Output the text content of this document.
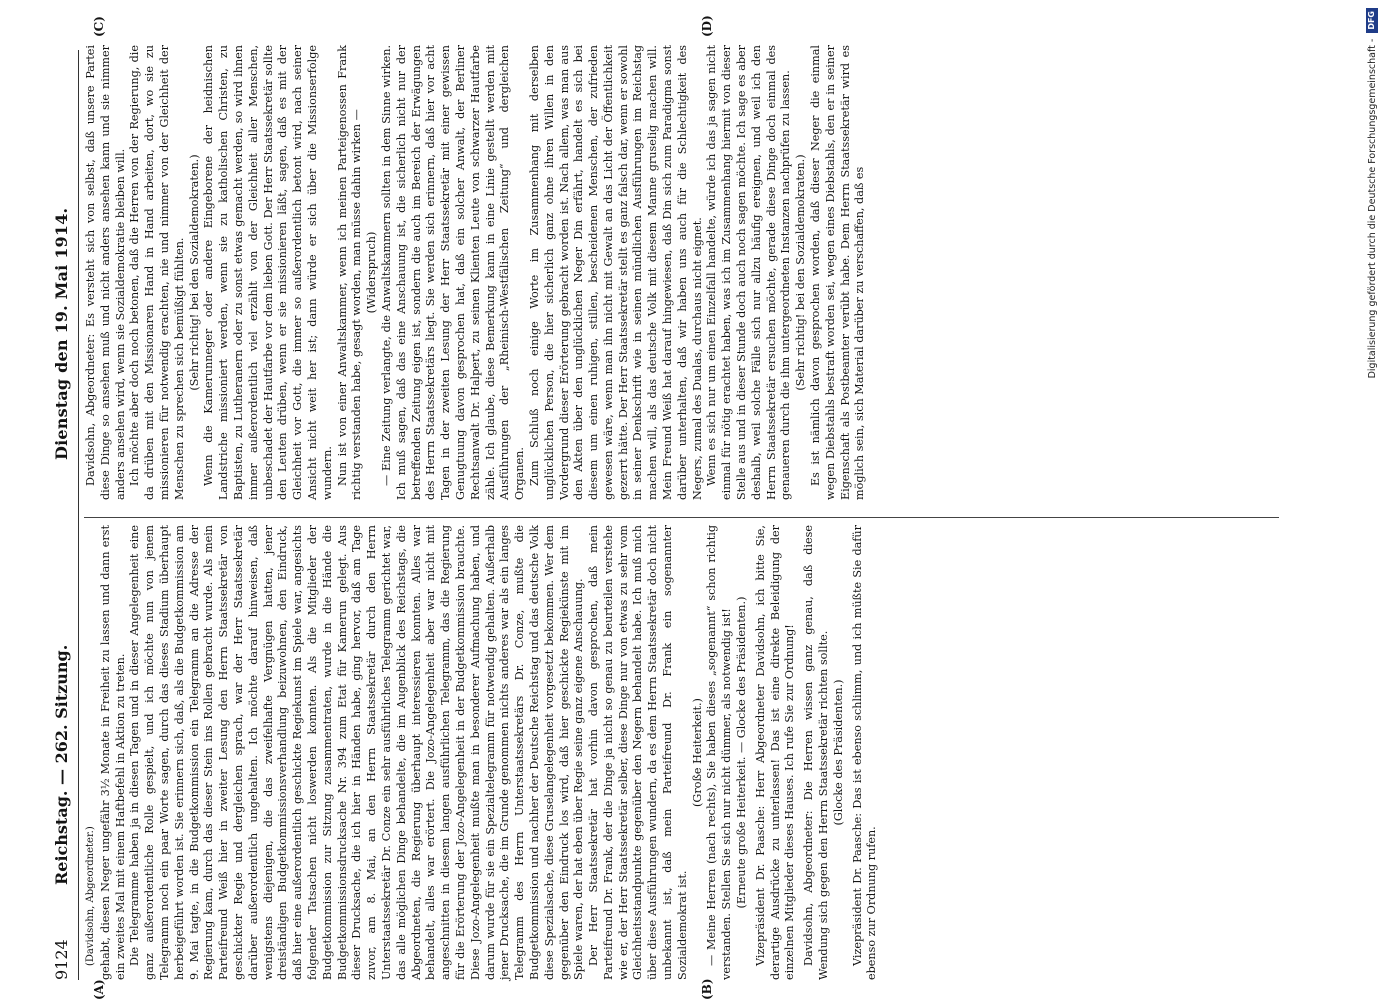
9124
Reichstag. — 262. Sitzung.
Dienstag den 19. Mai 1914.
(A)	(B)
(C)	(D)

(Davidsohn, Abgeordneter.) gehabt, diesen Neger ungefähr 3½ Monate in Freiheit zu lassen und dann erst ein zweites Mal mit einem Haftbefehl in Aktion zu treten. Die Telegramme haben ja in diesen Tagen und in dieser Angelegenheit eine ganz außerordentliche Rolle gespielt, und ich möchte nun von jenem Telegramm noch ein paar Worte sagen, durch das dieses Stadium überhaupt herbeigeführt worden ist. Sie erinnern sich, daß, als die Budgetkommission am 9. Mai tagte, in die Budgetkommission ein Telegramm an die Adresse der Regierung kam, durch das dieser Stein ins Rollen gebracht wurde. Als mein Parteifreund Weiß hier in zweiter Lesung den Herrn Staatssekretär von geschickter Regie und dergleichen sprach, war der Herr Staatssekretär darüber außerordentlich ungehalten. Ich möchte darauf hinweisen, daß wenigstens diejenigen, die das zweifelhafte Vergnügen hatten, jener dreiständigen Budgetkommissionsverhandlung beizuwohnen, den Eindruck, daß hier eine außerordentlich geschickte Regiekunst im Spiele war, angesichts folgender Tatsachen nicht loswerden konnten. Als die Mitglieder der Budgetkommission zur Sitzung zusammentraten, wurde in die Hände die Budgetkommissionsdrucksache Nr. 394 zum Etat für Kamerun gelegt. Aus dieser Drucksache, die ich hier in Händen habe, ging hervor, daß am Tage zuvor, am 8. Mai, an den Herrn Staatssekretär durch den Herrn Unterstaatssekretär Dr. Conze ein sehr ausführliches Telegramm gerichtet war, das alle möglichen Dinge behandelte, die im Augenblick des Reichstags, die Abgeordneten, die Regierung überhaupt interessieren konnten. Alles war behandelt, alles war erörtert. Die Jozo-Angelegenheit aber war nicht mit angeschnitten in diesem langen ausführlichen Telegramm, das die Regierung für die Erörterung der Jozo-Angelegenheit in der Budgetkommission brauchte. Diese Jozo-Angelegenheit mußte man in besonderer Aufmachung haben, und darum wurde für sie ein Spezialtelegramm für notwendig gehalten. Außerhalb jener Drucksache, die im Grunde genommen nichts anderes war als ein langes Telegramm des Herrn Unterstaatssekretärs Dr. Conze, mußte die Budgetkommission und nachher der Deutsche Reichstag und das deutsche Volk diese Spezialsache, diese Gruselangelegenheit vorgesetzt bekommen. Wer dem gegenüber den Eindruck los wird, daß hier geschickte Regiekünste mit im Spiele waren, der hat eben über Regie seine ganz eigene Anschauung. Der Herr Staatssekretär hat vorhin davon gesprochen, daß mein Parteifreund Dr. Frank, der die Dinge ja nicht so genau zu beurteilen verstehe wie er, der Herr Staatssekretär selber, diese Dinge nur von etwas zu sehr vom Gleichheitsstandpunkte gegenüber den Negern behandelt habe. Ich muß mich über diese Ausführungen wundern, da es dem Herrn Staatssekretär doch nicht unbekannt ist, daß mein Parteifreund Dr. Frank ein sogenannter Sozialdemokrat ist.

(Große Heiterkeit.) — Meine Herren (nach rechts), Sie haben dieses „sogenannt“ schon richtig verstanden. Stellen Sie sich nur nicht dümmer, als notwendig ist! (Erneute große Heiterkeit. — Glocke des Präsidenten.) Vizepräsident Dr. Paasche: Herr Abgeordneter Davidsohn, ich bitte Sie, derartige Ausdrücke zu unterlassen! Das ist eine direkte Beleidigung der einzelnen Mitglieder dieses Hauses. Ich rufe Sie zur Ordnung! Davidsohn, Abgeordneter: Die Herren wissen ganz genau, daß diese Wendung sich gegen den Herrn Staatssekretär richten sollte. (Glocke des Präsidenten.) Vizepräsident Dr. Paasche: Das ist ebenso schlimm, und ich müßte Sie dafür ebenso zur Ordnung rufen.

Davidsohn, Abgeordneter: Es versteht sich von selbst, daß unsere Partei diese Dinge so ansehen muß und nicht anders ansehen kann und sie nimmer anders ansehen wird, wenn sie Sozialdemokratie bleiben will. Ich möchte aber doch noch betonen, daß die Herren von der Regierung, die da drüben mit den Missionaren Hand in Hand arbeiten, dort, wo sie zu missionieren für notwendig erachten, nie und nimmer von der Gleichheit der Menschen zu sprechen sich bemüßigt fühlten. (Sehr richtig! bei den Sozialdemokraten.) Wenn die Kamerunneger oder andere Eingeborene der heidnischen Landstriche missioniert werden, wenn sie zu katholischen Christen, zu Baptisten, zu Lutheranern oder zu sonst etwas gemacht werden, so wird ihnen immer außerordentlich viel erzählt von der Gleichheit aller Menschen, unbeschadet der Hautfarbe vor dem lieben Gott. Der Herr Staatssekretär sollte den Leuten drüben, wenn er sie missionieren läßt, sagen, daß es mit der Gleichheit vor Gott, die immer so außerordentlich betont wird, nach seiner Ansicht nicht weit her ist; dann würde er sich über die Missionserfolge wundern. Nun ist von einer Anwaltskammer, wenn ich meinen Parteigenossen Frank richtig verstanden habe, gesagt worden, man müsse dahin wirken — (Widerspruch) — Eine Zeitung verlangte, die Anwaltskammern sollten in dem Sinne wirken. Ich muß sagen, daß das eine Anschauung ist, die sicherlich nicht nur der betreffenden Zeitung eigen ist, sondern die auch im Bereich der Erwägungen des Herrn Staatssekretärs liegt. Sie werden sich erinnern, daß hier vor acht Tagen in der zweiten Lesung der Herr Staatssekretär mit einer gewissen Genugtuung davon gesprochen hat, daß ein solcher Anwalt, der Berliner Rechtsanwalt Dr. Halpert, zu seinen Klienten Leute von schwarzer Hautfarbe zähle. Ich glaube, diese Bemerkung kann in eine Linie gestellt werden mit Ausführungen der „Rheinisch-Westfälischen Zeitung“ und dergleichen Organen. Zum Schluß noch einige Worte im Zusammenhang mit derselben unglücklichen Person, die hier sicherlich ganz ohne ihren Willen in den Vordergrund dieser Erörterung gebracht worden ist. Nach allem, was man aus den Akten über den unglücklichen Neger Din erfährt, handelt es sich bei diesem um einen ruhigen, stillen, bescheidenen Menschen, der zufrieden gewesen wäre, wenn man ihn nicht mit Gewalt an das Licht der Öffentlichkeit gezerrt hätte. Der Herr Staatssekretär stellt es ganz falsch dar, wenn er sowohl in seiner Denkschrift wie in seinen mündlichen Ausführungen im Reichstag machen will, als das deutsche Volk mit diesem Manne gruselig machen will. Mein Freund Weiß hat darauf hingewiesen, daß Din sich zum Paradigma sonst darüber unterhalten, daß wir haben uns auch für die Schlechtigkeit des Negers, zumal des Dualas, durchaus nicht eignet. Wenn es sich nur um einen Einzelfall handelte, würde ich das ja sagen nicht einmal für nötig erachtet haben, was ich im Zusammenhang hiermit von dieser Stelle aus und in dieser Stunde doch auch noch sagen möchte. Ich sage es aber deshalb, weil solche Fälle sich nur allzu häufig ereignen, und weil ich den Herrn Staatssekretär ersuchen möchte, gerade diese Dinge doch einmal des genaueren durch die ihm untergeordneten Instanzen nachprüfen zu lassen. (Sehr richtig! bei den Sozialdemokraten.) Es ist nämlich davon gesprochen worden, daß dieser Neger die einmal wegen Diebstahls bestraft worden sei, wegen eines Diebstahls, den er in seiner Eigenschaft als Postbeamter verübt habe. Dem Herrn Staatssekretär wird es möglich sein, sich Material darüber zu verschaffen, daß es	Digitalisierung gefördert durch die Deutsche Forschungsgemeinschaft -
DFG
